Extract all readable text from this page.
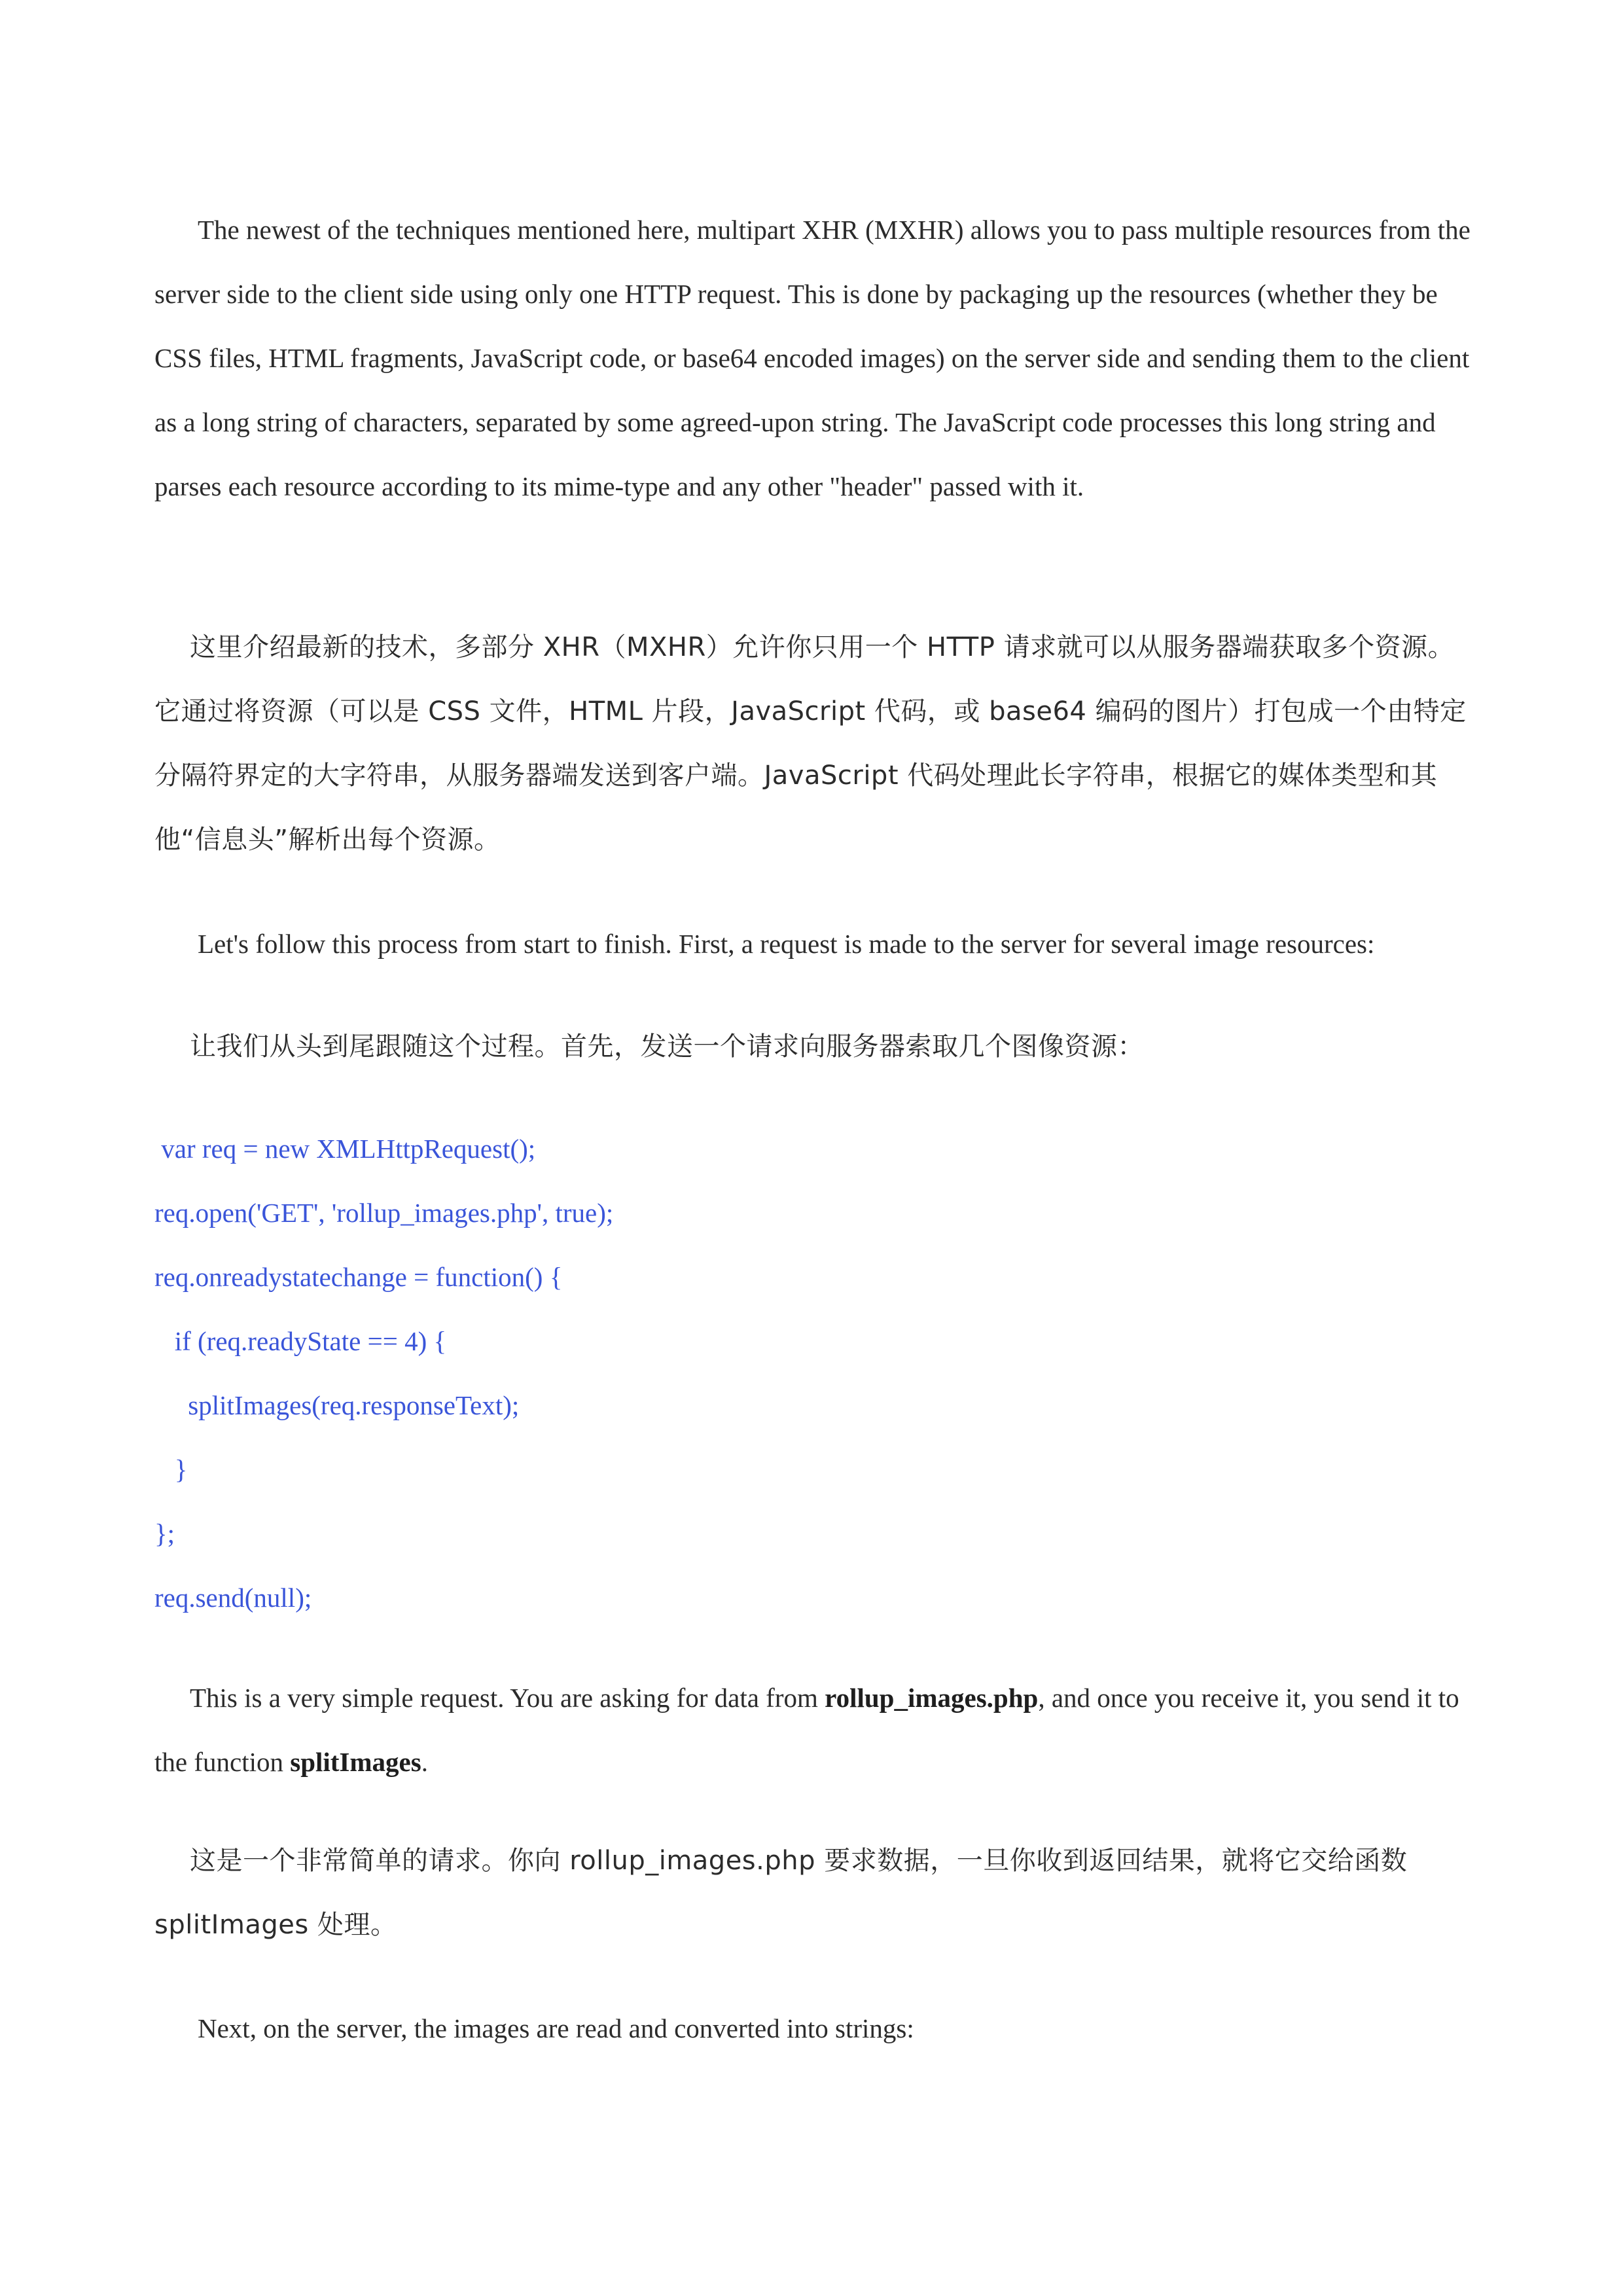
The newest of the techniques mentioned here, multipart XHR (MXHR) allows you to pass multiple resources from the server side to the client side using only one HTTP request. This is done by packaging up the resources (whether they be CSS files, HTML fragments, JavaScript code, or base64 encoded images) on the server side and sending them to the client as a long string of characters, separated by some agreed-upon string. The JavaScript code processes this long string and parses each resource according to its mime-type and any other "header" passed with it.

这里介绍最新的技术，多部分 XHR（MXHR）允许你只用一个 HTTP 请求就可以从服务器端获取多个资源。它通过将资源（可以是 CSS 文件，HTML 片段，JavaScript 代码，或 base64 编码的图片）打包成一个由特定分隔符界定的大字符串，从服务器端发送到客户端。JavaScript 代码处理此长字符串，根据它的媒体类型和其他“信息头”解析出每个资源。

Let's follow this process from start to finish. First, a request is made to the server for several image resources:

让我们从头到尾跟随这个过程。首先，发送一个请求向服务器索取几个图像资源：

var req = new XMLHttpRequest();
req.open('GET', 'rollup_images.php', true);
req.onreadystatechange = function() {
if (req.readyState == 4) {
splitImages(req.responseText);
}
};
req.send(null);

This is a very simple request. You are asking for data from rollup_images.php, and once you receive it, you send it to the function splitImages.

这是一个非常简单的请求。你向 rollup_images.php 要求数据，一旦你收到返回结果，就将它交给函数 splitImages 处理。

Next, on the server, the images are read and converted into strings:
